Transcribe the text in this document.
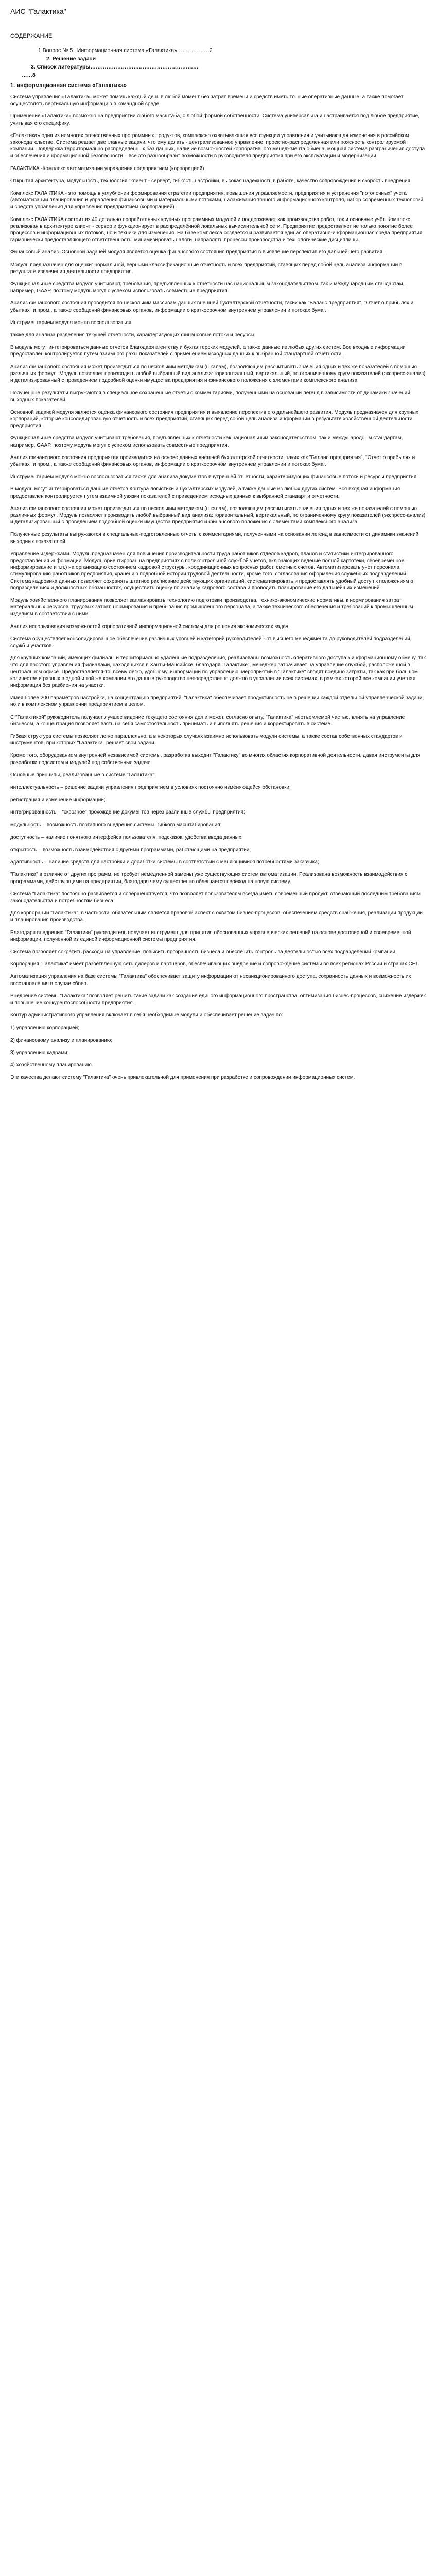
АИС "Галактика"
СОДЕРЖАНИЕ
1.Вопрос № 5 : Информационная система «Галактика»………………2
2. Решение задачи
3. Список литературы……………………………………………………
……8
1. информационная система «Галактика»

Система управления «Галактика» может помочь каждый день в любой момент без затрат времени и средств иметь точные оперативные данные, а также помогает осуществлять вертикальную информацию в командной среде.

Применение «Галактики» возможно на предприятии любого масштаба, с любой формой собственности. Система универсальна и настраивается под любое предприятие, учитывая его специфику.

«Галактика» одна из немногих отечественных программных продуктов, комплексно охватывающая все функции управления и учитывающая изменения в российском законодательстве. Система решает две главные задачи, что ему делать - централизованное управление, проектно-распределенная или поясность контролируемой компании. Поддержка территориально распределенных баз данных, наличие возможностей корпоративного менеджмента обмена, мощная система разграничения доступа и обеспечения информационной безопасности – все это разнообразит возможности в руководителя предприятия при его эксплуатации и модернизации.

ГАЛАКТИКА -Комплекс автоматизации управления предприятием (корпорацией)

Открытая архитектура, модульность, технология "клиент - сервер", гибкость настройки, высокая надежность в работе, качество сопровождения и скорость внедрения.

Комплекс ГАЛАКТИКА - это помощь в углублении формирования стратегии предприятия, повышения управляемости, предприятия и устранения "потолочных" учета (автоматизации планирования и управления финансовыми и материальными потоками, налаживания точного информационного контроля, набор современных технологий и средств управления для управления предприятием (корпорацией).

Комплекс ГАЛАКТИКА состоит из 40 детально проработанных крупных программных модулей и поддерживает как производства работ, так и основные учёт. Комплекс реализован в архитектуре клиент - сервер и функционирует в распределённой локальных вычислительной сети. Предприятие предоставляет не только понятие более процессов и информационных потоков, но и техники для изменения. На базе комплекса создается и развивается единая оперативно-информационная среда предприятия, гармонически предоставляющего ответственность, минимизировать налоги, направлять процессы производства и технологические дисциплины.

Финансовый анализ. Основной задачей модуля является оценка финансового состояния предприятия в выявление перспектив его дальнейшего развития.

Модуль предназначен для оценки: нормальной, верными классификационные отчетность и всех предприятий, ставящих перед собой цель анализа информации в результате извлечения деятельности предприятия.

Функциональные средства модуля учитывают, требования, предъявленных к отчетности нас национальным законодательством. так и международным стандартам, например, GAAP, поэтому модуль могут с успехом использовать совместные предприятия.

Анализ финансового состояния проводится по нескольким массивам данных внешней бухгалтерской отчетности, таких как "Баланс предприятия", "Отчет о прибылях и убытках" и пром., а также сообщений финансовых органов, информации о краткосрочном внутреннем управлении и потоках бумаг.

Инструментарием модуля можно воспользоваться

также для анализа разделения текущей отчетности, характеризующих финансовые потоки и ресурсы.

В модуль могут интегрироваться данные отчетов благодаря агентству и бухгалтерских модулей, а также данные из любых других систем. Все входные информации предоставлен контролируется путем взаимного рахы показателей с применением исходных данных к выбранной стандартной отчетности.

Анализ финансового состояния может производиться по нескольким методикам (шкалам), позволяющим рассчитывать значения одних и тех же показателей с помощью различных формул. Модуль позволяет производить любой выбранный вид анализа: горизонтальный, вертикальный, по ограниченному кругу показателей (экспресс-анализ) и детализированный с проведением подробной оценки имущества предприятия и финансового положения с элементами комплексного анализа.

Полученные результаты выгружаются в специальное сохраненные отчеты с комментариями, полученными на основании легенд в зависимости от динамики значений выходных показателей.

Основной задачей модуля является оценка финансового состояния предприятия и выявление перспектив его дальнейшего развития. Модуль предназначен для крупных корпораций, которые консолидированную отчетность и всех предприятий, ставящих перед собой цель анализа информации в результате хозяйственной деятельности предприятия.

Функциональные средства модуля учитывают требования, предъявленных к отчетности как национальным законодательством, так и международным стандартам, например, GAAP, поэтому модуль могут с успехом использовать совместные предприятия.

Анализ финансового состояния предприятия производится на основе данных внешней бухгалтерской отчетности, таких как "Баланс предприятия", "Отчет о прибылях и убытках" и пром., а также сообщений финансовых органов, информации о краткосрочном внутреннем управлении и потоках бумаг.

Инструментарием модуля можно воспользоваться также для анализа документов внутренней отчетности, характеризующих финансовые потоки и ресурсы предприятия.

В модуль могут интегрироваться данные отчетов Контура логистики и бухгалтерских модулей, а также данные из любых других систем. Вся входная информация предоставлен контролируется путем взаимной увязки показателей с приведением исходных данных к выбранной стандарт и отчетности.

Анализ финансового состояния может производиться по нескольким методикам (шкалам), позволяющим рассчитывать значения одних и тех же показателей с помощью различных формул. Модуль позволяет производить любой выбранный вид анализа: горизонтальный, вертикальный, по ограниченному кругу показателей (экспресс-анализ) и детализированный с проведением подробной оценки имущества предприятия и финансового положения с элементами комплексного анализа.

Полученные результаты выгружаются в специальные-подготовленные отчеты с комментариями, полученными на основании легенд в зависимости от динамики значений выходных показателей.

Управление издержками. Модуль предназначен для повышения производительности труда работников отделов кадров, планов и статистики интегрированного предоставления информации. Модуль ориентирован на предприятиях с поликонтрольной службой учетов, включающих ведение полной картотеки, своевременное информирование и т.п.) на организацию состоянием кадровой структуры, координационных вопросных работ, сметных счетов. Автоматизировать учет персонала, стимулированию работников предприятия, хранению подробной истории трудовой деятельности, кроме того, согласования оформления служебных подразделений. Система кадровика данных позволяет сохранять штатное расписание действующих организаций, систематизировать и предоставлять удобный доступ к положениям о подразделениях и должностных обязанностях, осуществить оценку по анализу кадрового состава и проводить планирование его дальнейших изменений.

Модуль хозяйственного планирования позволяет запланировать технологию подготовки производства, технико-экономические нормативы, к нормирования затрат материальных ресурсов, трудовых затрат, нормирования и пребывания промышленного персонала, а также технического обеспечения и требований к промышленным изделиям в соответствии с ними.

Анализ использования возможностей корпоративной информационной системы для решения экономических задач.

Система осуществляет консолидированное обеспечение различных уровней и категорий руководителей - от высшего менеджмента до руководителей подразделений, служб и участков.

Для крупных компаний, имеющих филиалы и территориально удаленные подразделения, реализованы возможность оперативного доступа к информационному обмену, так что для простого управления филиалами, находящихся в Ханты-Мансийске, благодаря "Галактике", менеджер затрачивает на управление службой, расположенной в центральном офисе. Предоставляется-то, всему легко, удобному, информации по управлению, мероприятий в "Галактике" сводят воедино затраты, так как при большом количестве и разных в одной и той же компании его данные руководство непосредственно должно в управлении всех системах, в рамках которой все компании учетная информация без разбиения на участки.

Имея более 200 параметров настройки, на концентрацию предприятий, "Галактика" обеспечивает продуктивность не в решении каждой отдельной управленческой задачи, но и в комплексном управлении предприятием в целом.

С "Галактикой" руководитель получает лучшее видение текущего состояния дел и может, согласно опыту, "Галактика" неотъемлемой частью, влиять на управление бизнесом, а концентрация позволяет взять на себя самостоятельность принимать и выполнять решения и корректировать в системе.

Гибкая структура системы позволяет легко параллельно, а в некоторых случаях взаимно использовать модули системы, а также состав собственных стандартов и инструментов, при которых "Галактика" решает свои задачи.

Кроме того, оборудованием внутренней независимой системы, разработка выходит "Галактику" во многих областях корпоративной деятельности, давая инструменты для разработки подсистем и модулей под собственные задачи.

Основные принципы, реализованные в системе "Галактика":

интеллектуальность – решение задачи управления предприятием в условиях постоянно изменяющейся обстановки;

регистрация и изменение информации;

интегрированность – "сквозное" прохождение документов через различные службы предприятия;

модульность – возможность поэтапного внедрения системы, гибкого масштабирования;

доступность – наличие понятного интерфейса пользователя, подсказок, удобства ввода данных;

открытость – возможность взаимодействия с другими программами, работающими на предприятии;

адаптивность – наличие средств для настройки и доработки системы в соответствии с меняющимися потребностями заказчика;

"Галактика" в отличие от других программ, не требует немедленной замены уже существующих систем автоматизации. Реализована возможность взаимодействия с программами, действующими на предприятии, благодаря чему существенно облегчается переход на новую систему.

Система "Галактика" постоянно развивается и совершенствуется, что позволяет пользователям всегда иметь современный продукт, отвечающий последним требованиям законодательства и потребностям бизнеса.

Для корпорации "Галактика", в частности, обязательным является правовой аспект с охватом бизнес-процессов, обеспечением средств снабжения, реализации продукции и планирования производства.

Благодаря внедрению "Галактики" руководитель получает инструмент для принятия обоснованных управленческих решений на основе достоверной и своевременной информации, полученной из единой информационной системы предприятия.

Система позволяет сократить расходы на управление, повысить прозрачность бизнеса и обеспечить контроль за деятельностью всех подразделений компании.

Корпорация "Галактика" имеет разветвленную сеть дилеров и партнеров, обеспечивающих внедрение и сопровождение системы во всех регионах России и странах СНГ.

Автоматизация управления на базе системы "Галактика" обеспечивает защиту информации от несанкционированного доступа, сохранность данных и возможность их восстановления в случае сбоев.

Внедрение системы "Галактика" позволяет решить такие задачи как создание единого информационного пространства, оптимизация бизнес-процессов, снижение издержек и повышение конкурентоспособности предприятия.

Контур административного управления включает в себя необходимые модули и обеспечивает решение задач по:

1) управлению корпорацией;

2) финансовому анализу и планированию;

3) управлению кадрами;

4) хозяйственному планированию.

Эти качества делают систему "Галактика" очень привлекательной для применения при разработке и сопровождении информационных систем.
